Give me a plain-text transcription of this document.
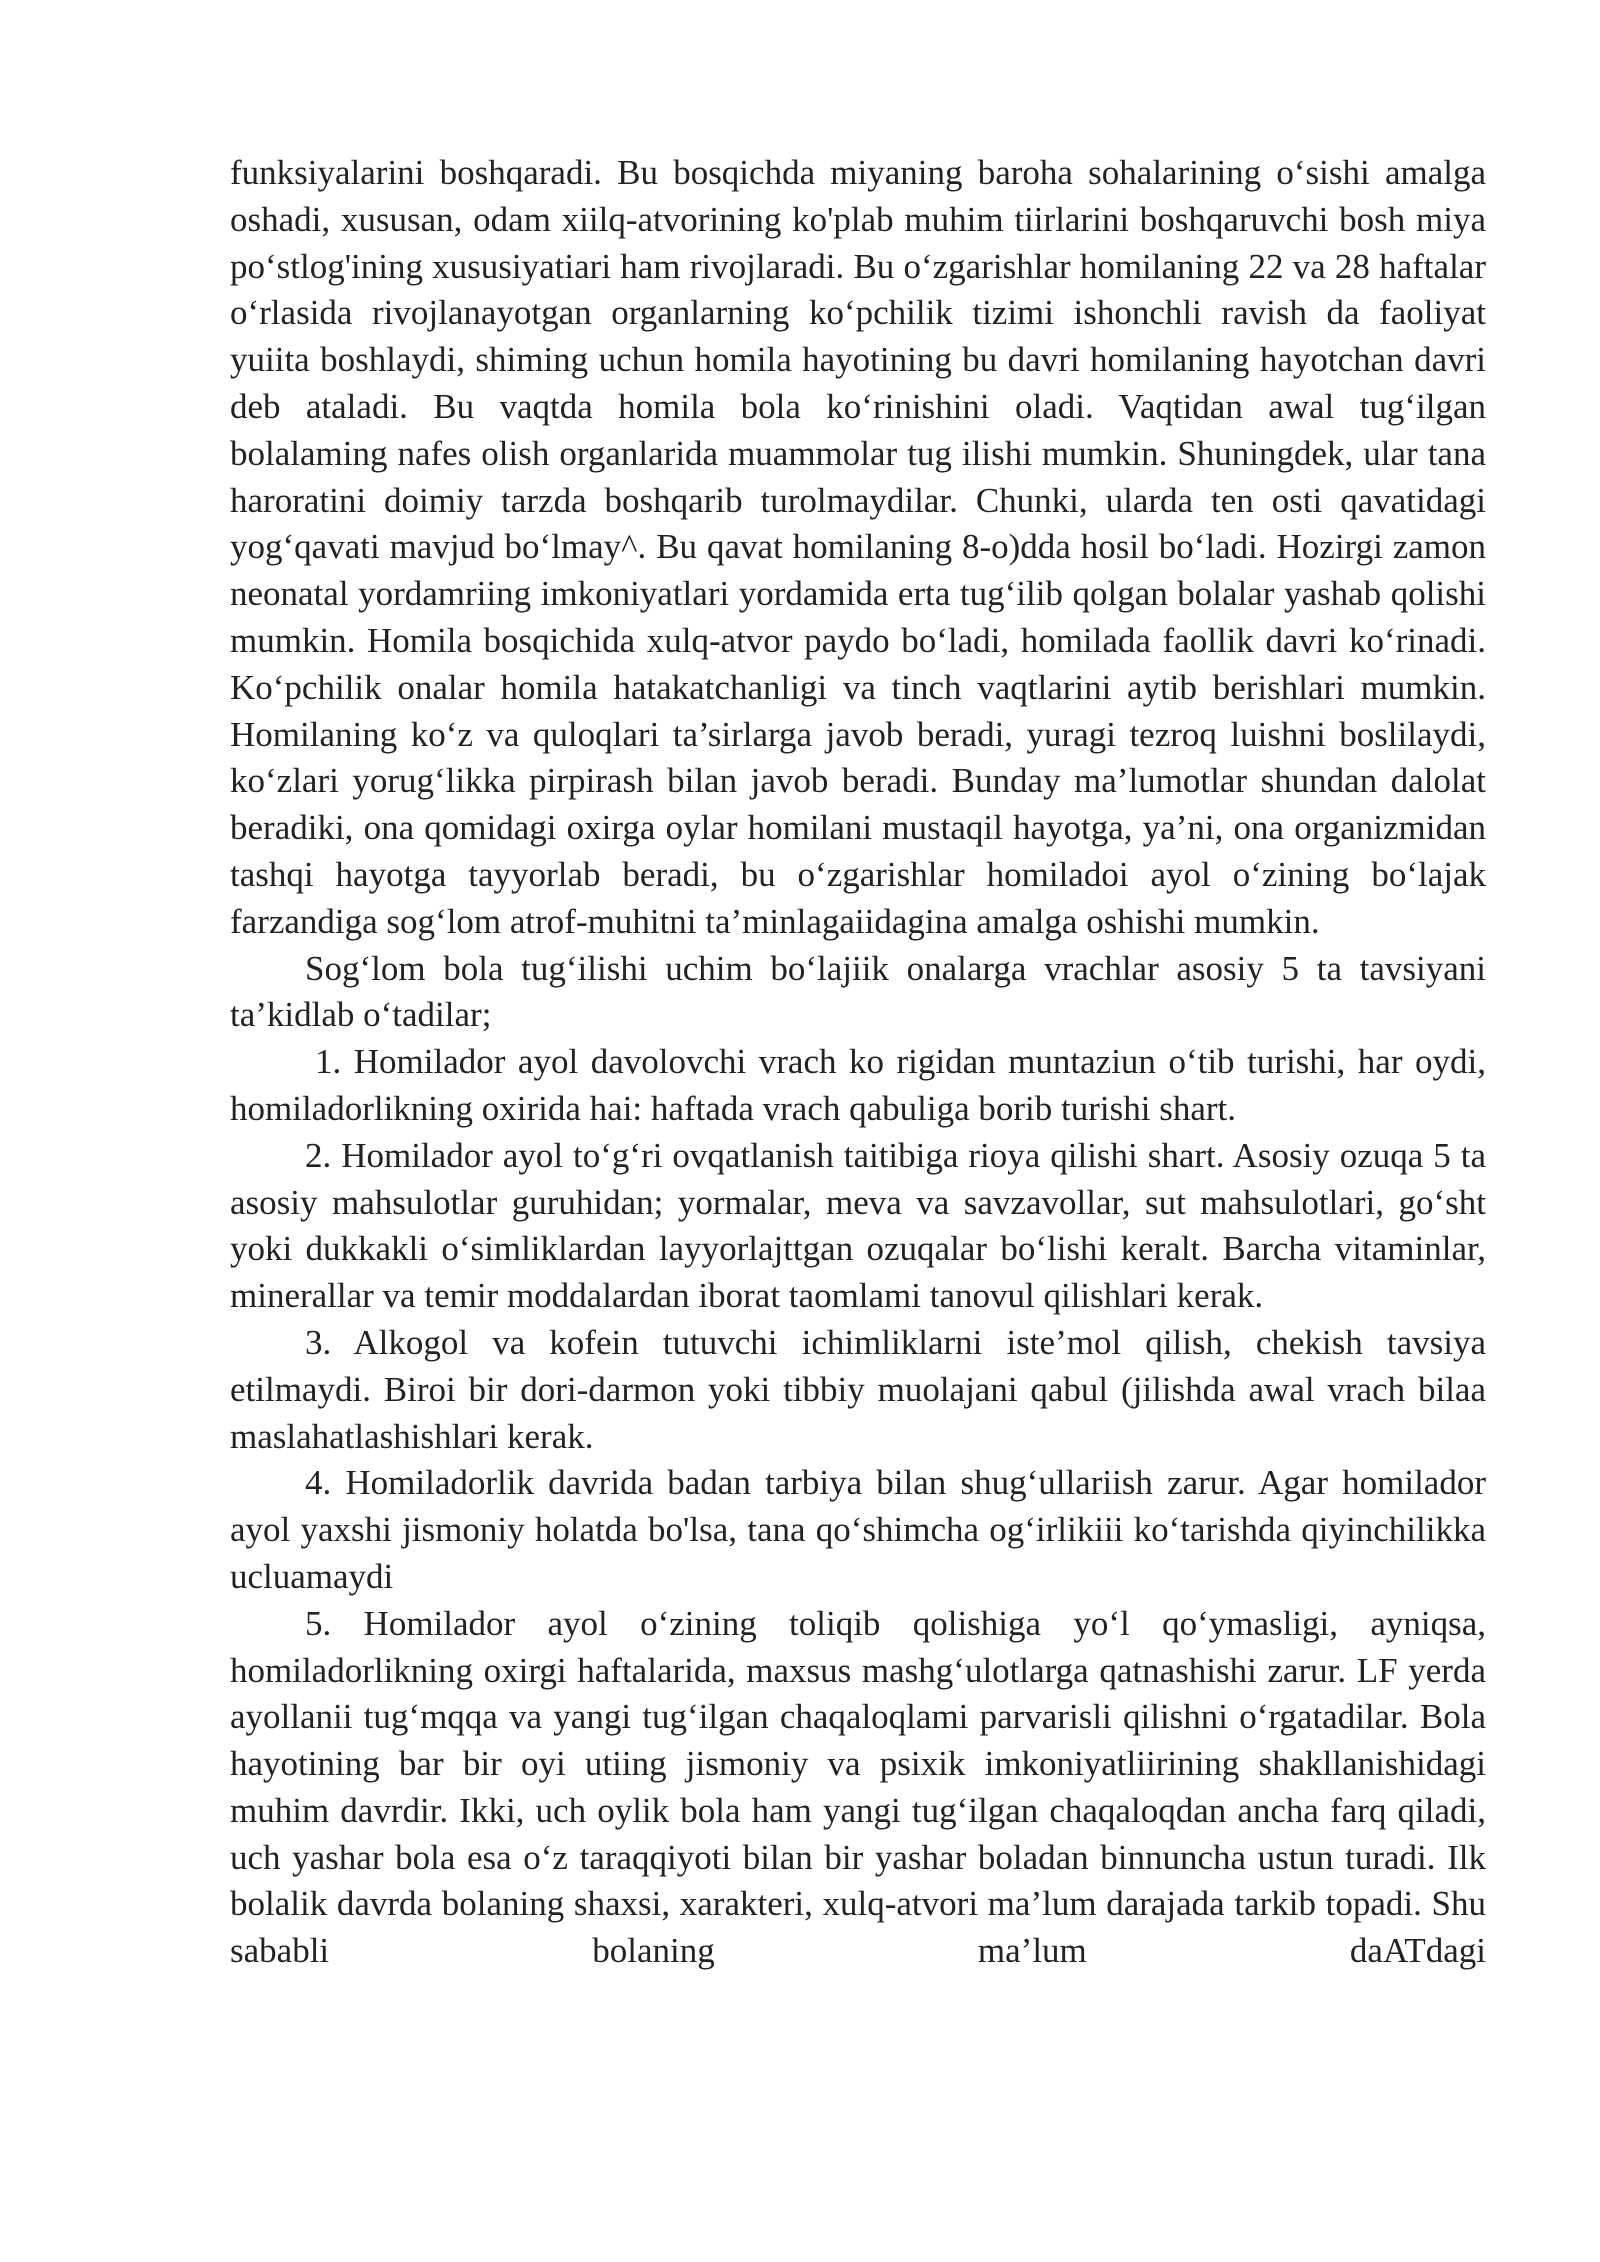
funksiyalarini boshqaradi. Bu bosqichda miyaning baroha sohalarining o‘sishi amalga oshadi, xususan, odam xiilq-atvorining ko'plab muhim tiirlarini boshqaruvchi bosh miya po‘stlog'ining xususiyatiari ham rivojlaradi. Bu o‘zgarishlar homilaning 22 va 28 haftalar o‘rlasida rivojlanayotgan organlarning ko‘pchilik tizimi ishonchli ravish da faoliyat yuiita boshlaydi, shiming uchun homila hayotining bu davri homilaning hayotchan davri deb ataladi. Bu vaqtda homila bola ko‘rinishini oladi. Vaqtidan awal tug‘ilgan bolalaming nafes olish organlarida muammolar tug ilishi mumkin. Shuningdek, ular tana haroratini doimiy tarzda boshqarib turolmaydilar. Chunki, ularda ten osti qavatidagi yog‘qavati mavjud bo‘lmay^. Bu qavat homilaning 8-o)dda hosil bo‘ladi. Hozirgi zamon neonatal yordamriing imkoniyatlari yordamida erta tug‘ilib qolgan bolalar yashab qolishi mumkin. Homila bosqichida xulq-atvor paydo bo‘ladi, homilada faollik davri ko‘rinadi. Ko‘pchilik onalar homila hatakatchanligi va tinch vaqtlarini aytib berishlari mumkin. Homilaning ko‘z va quloqlari ta’sirlarga javob beradi, yuragi tezroq luishni boslilaydi, ko‘zlari yorug‘likka pirpirash bilan javob beradi. Bunday ma’lumotlar shundan dalolat beradiki, ona qomidagi oxirga oylar homilani mustaqil hayotga, ya’ni, ona organizmidan tashqi hayotga tayyorlab beradi, bu o‘zgarishlar homiladoi ayol o‘zining bo‘lajak farzandiga sog‘lom atrof-muhitni ta’minlagaiidagina amalga oshishi mumkin.

Sog‘lom bola tug‘ilishi uchim bo‘lajiik onalarga vrachlar asosiy 5 ta tavsiyani ta’kidlab o‘tadilar;

1. Homilador ayol davolovchi vrach ko rigidan muntaziun o‘tib turishi, har oydi, homiladorlikning oxirida hai: haftada vrach qabuliga borib turishi shart.

2. Homilador ayol to‘g‘ri ovqatlanish taitibiga rioya qilishi shart. Asosiy ozuqa 5 ta asosiy mahsulotlar guruhidan; yormalar, meva va savzavollar, sut mahsulotlari, go‘sht yoki dukkakli o‘simliklardan layyorlajttgan ozuqalar bo‘lishi keralt. Barcha vitaminlar, minerallar va temir moddalardan iborat taomlami tanovul qilishlari kerak.

3. Alkogol va kofein tutuvchi ichimliklarni iste’mol qilish, chekish tavsiya etilmaydi. Biroi bir dori-darmon yoki tibbiy muolajani qabul (jilishda awal vrach bilaa maslahatlashishlari kerak.

4. Homiladorlik davrida badan tarbiya bilan shug‘ullariish zarur. Agar homilador ayol yaxshi jismoniy holatda bo'lsa, tana qo‘shimcha og‘irlikiii ko‘tarishda qiyinchilikka ucluamaydi

5. Homilador ayol o‘zining toliqib qolishiga yo‘l qo‘ymasligi, ayniqsa, homiladorlikning oxirgi haftalarida, maxsus mashg‘ulotlarga qatnashishi zarur. LF yerda ayollanii tug‘mqqa va yangi tug‘ilgan chaqaloqlami parvarisli qilishni o‘rgatadilar. Bola hayotining bar bir oyi utiing jismoniy va psixik imkoniyatliirining shakllanishidagi muhim davrdir. Ikki, uch oylik bola ham yangi tug‘ilgan chaqaloqdan ancha farq qiladi, uch yashar bola esa o‘z taraqqiyoti bilan bir yashar boladan binnuncha ustun turadi. Ilk bolalik davrda bolaning shaxsi, xarakteri, xulq-atvori ma’lum darajada tarkib topadi. Shu sababli bolaning ma’lum daATdagi
